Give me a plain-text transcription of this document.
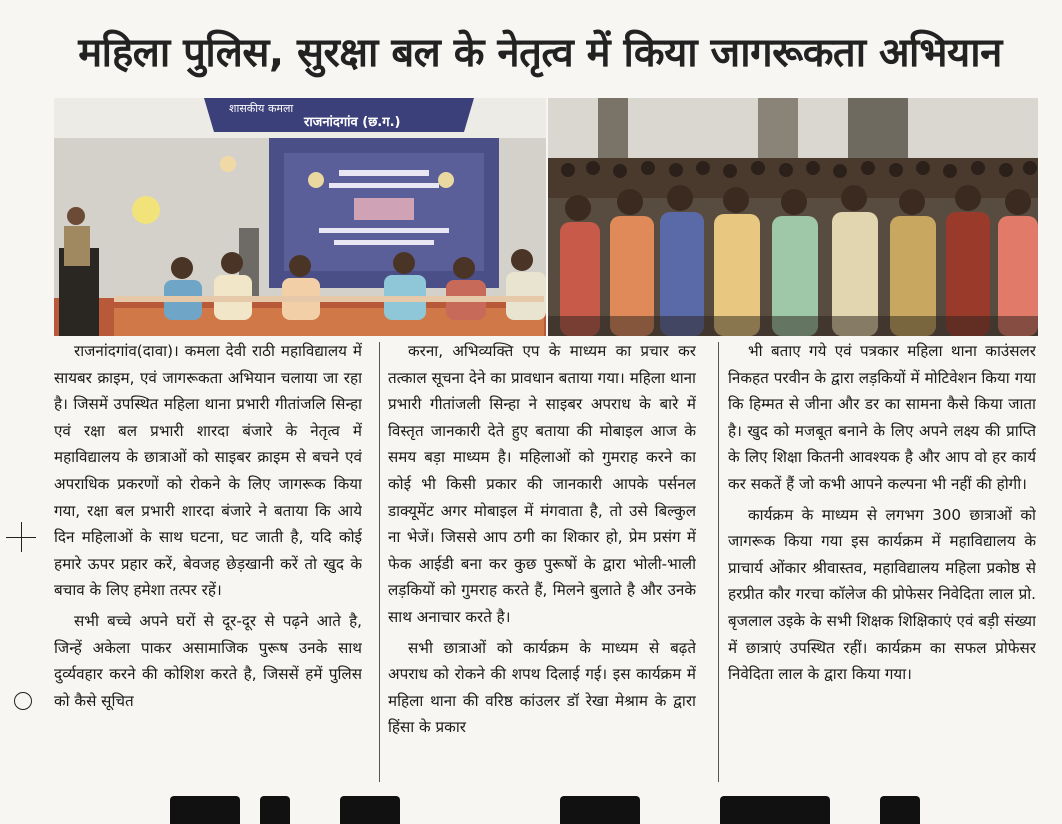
महिला पुलिस, सुरक्षा बल के नेतृत्व में किया जागरूकता अभियान
शासकीय कमला
राजनांदगांव (छ.ग.)

राजनांदगांव(दावा)। कमला देवी राठी महाविद्यालय में सायबर क्राइम, एवं जागरूकता अभियान चलाया जा रहा है। जिसमें उपस्थित महिला थाना प्रभारी गीतांजलि सिन्हा एवं रक्षा बल प्रभारी शारदा बंजारे के नेतृत्व में महाविद्यालय के छात्राओं को साइबर क्राइम से बचने एवं अपराधिक प्रकरणों को रोकने के लिए जागरूक किया गया, रक्षा बल प्रभारी शारदा बंजारे ने बताया कि आये दिन महिलाओं के साथ घटना, घट जाती है, यदि कोई हमारे ऊपर प्रहार करें, बेवजह छेड़खानी करें तो खुद के बचाव के लिए हमेशा तत्पर रहें।

सभी बच्चे अपने घरों से दूर-दूर से पढ़ने आते है, जिन्हें अकेला पाकर असामाजिक पुरूष उनके साथ दुर्व्यवहार करने की कोशिश करते है, जिससें हमें पुलिस को कैसे सूचित

करना, अभिव्यक्ति एप के माध्यम का प्रचार कर तत्काल सूचना देने का प्रावधान बताया गया। महिला थाना प्रभारी गीतांजली सिन्हा ने साइबर अपराध के बारे में विस्तृत जानकारी देते हुए बताया की मोबाइल आज के समय बड़ा माध्यम है। महिलाओं को गुमराह करने का कोई भी किसी प्रकार की जानकारी आपके पर्सनल डाक्यूमेंट अगर मोबाइल में मंगवाता है, तो उसे बिल्कुल ना भेजें। जिससे आप ठगी का शिकार हो, प्रेम प्रसंग में फेक आईडी बना कर कुछ पुरूषों के द्वारा भोली-भाली लड़कियों को गुमराह करते हैं, मिलने बुलाते है और उनके साथ अनाचार करते है।

सभी छात्राओं को कार्यक्रम के माध्यम से बढ़ते अपराध को रोकने की शपथ दिलाई गई। इस कार्यक्रम में महिला थाना की वरिष्ठ कांउलर डॉ रेखा मेश्राम के द्वारा हिंसा के प्रकार

भी बताए गये एवं पत्रकार महिला थाना काउंसलर निकहत परवीन के द्वारा लड़कियों में मोटिवेशन किया गया कि हिम्मत से जीना और डर का सामना कैसे किया जाता है। खुद को मजबूत बनाने के लिए अपने लक्ष्य की प्राप्ति के लिए शिक्षा कितनी आवश्यक है और आप वो हर कार्य कर सकतें हैं जो कभी आपने कल्पना भी नहीं की होगी।

कार्यक्रम के माध्यम से लगभग 300 छात्राओं को जागरूक किया गया इस कार्यक्रम में महाविद्यालय के प्राचार्य ओंकार श्रीवास्तव, महाविद्यालय महिला प्रकोष्ठ से हरप्रीत कौर गरचा कॉलेज की प्रोफेसर निवेदिता लाल प्रो. बृजलाल उइके के सभी शिक्षक शिक्षिकाएं एवं बड़ी संख्या में छात्राएं उपस्थित रहीं। कार्यक्रम का सफल प्रोफेसर निवेदिता लाल के द्वारा किया गया।
